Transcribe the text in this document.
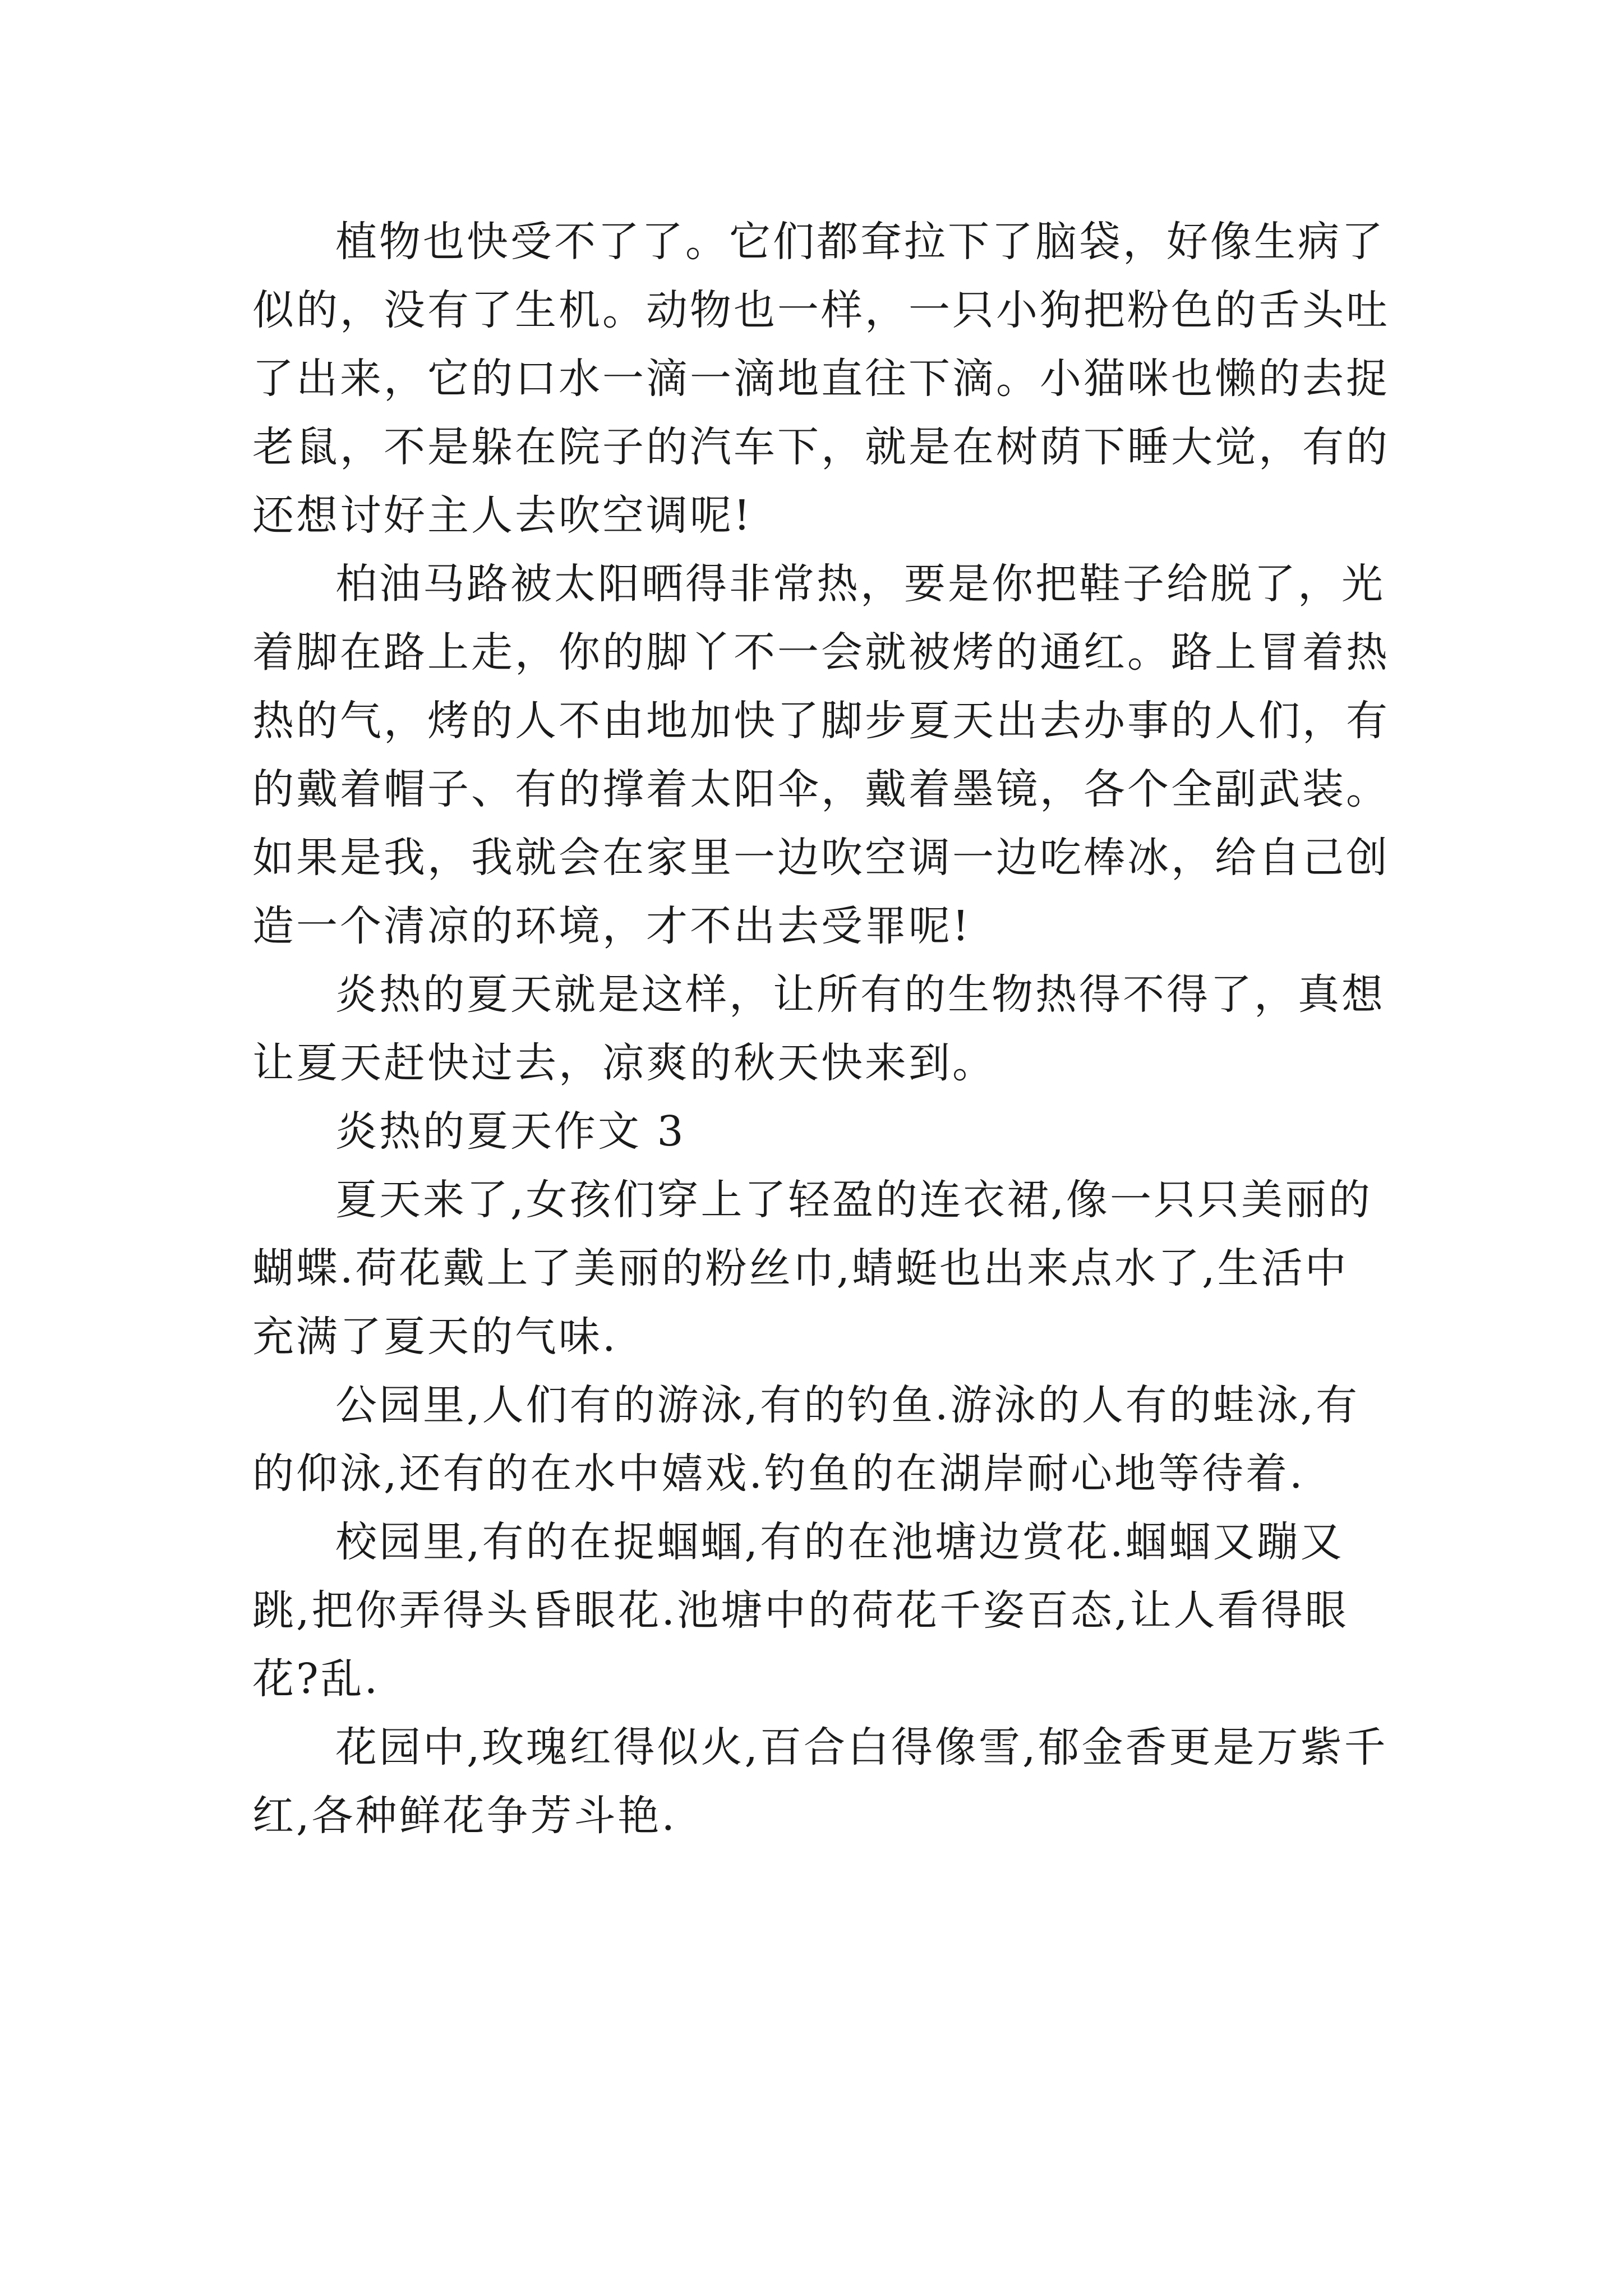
植物也快受不了了。它们都耷拉下了脑袋，好像生病了似的，没有了生机。动物也一样，一只小狗把粉色的舌头吐了出来，它的口水一滴一滴地直往下滴。小猫咪也懒的去捉老鼠，不是躲在院子的汽车下，就是在树荫下睡大觉，有的还想讨好主人去吹空调呢!

柏油马路被太阳晒得非常热，要是你把鞋子给脱了，光着脚在路上走，你的脚丫不一会就被烤的通红。路上冒着热热的气，烤的人不由地加快了脚步夏天出去办事的人们，有的戴着帽子、有的撑着太阳伞，戴着墨镜，各个全副武装。如果是我，我就会在家里一边吹空调一边吃棒冰，给自己创造一个清凉的环境，才不出去受罪呢!

炎热的夏天就是这样，让所有的生物热得不得了，真想让夏天赶快过去，凉爽的秋天快来到。

炎热的夏天作文 3

夏天来了,女孩们穿上了轻盈的连衣裙,像一只只美丽的蝴蝶.荷花戴上了美丽的粉丝巾,蜻蜓也出来点水了,生活中充满了夏天的气味.

公园里,人们有的游泳,有的钓鱼.游泳的人有的蛙泳,有的仰泳,还有的在水中嬉戏.钓鱼的在湖岸耐心地等待着.

校园里,有的在捉蝈蝈,有的在池塘边赏花.蝈蝈又蹦又跳,把你弄得头昏眼花.池塘中的荷花千姿百态,让人看得眼花?乱.

花园中,玫瑰红得似火,百合白得像雪,郁金香更是万紫千红,各种鲜花争芳斗艳.
